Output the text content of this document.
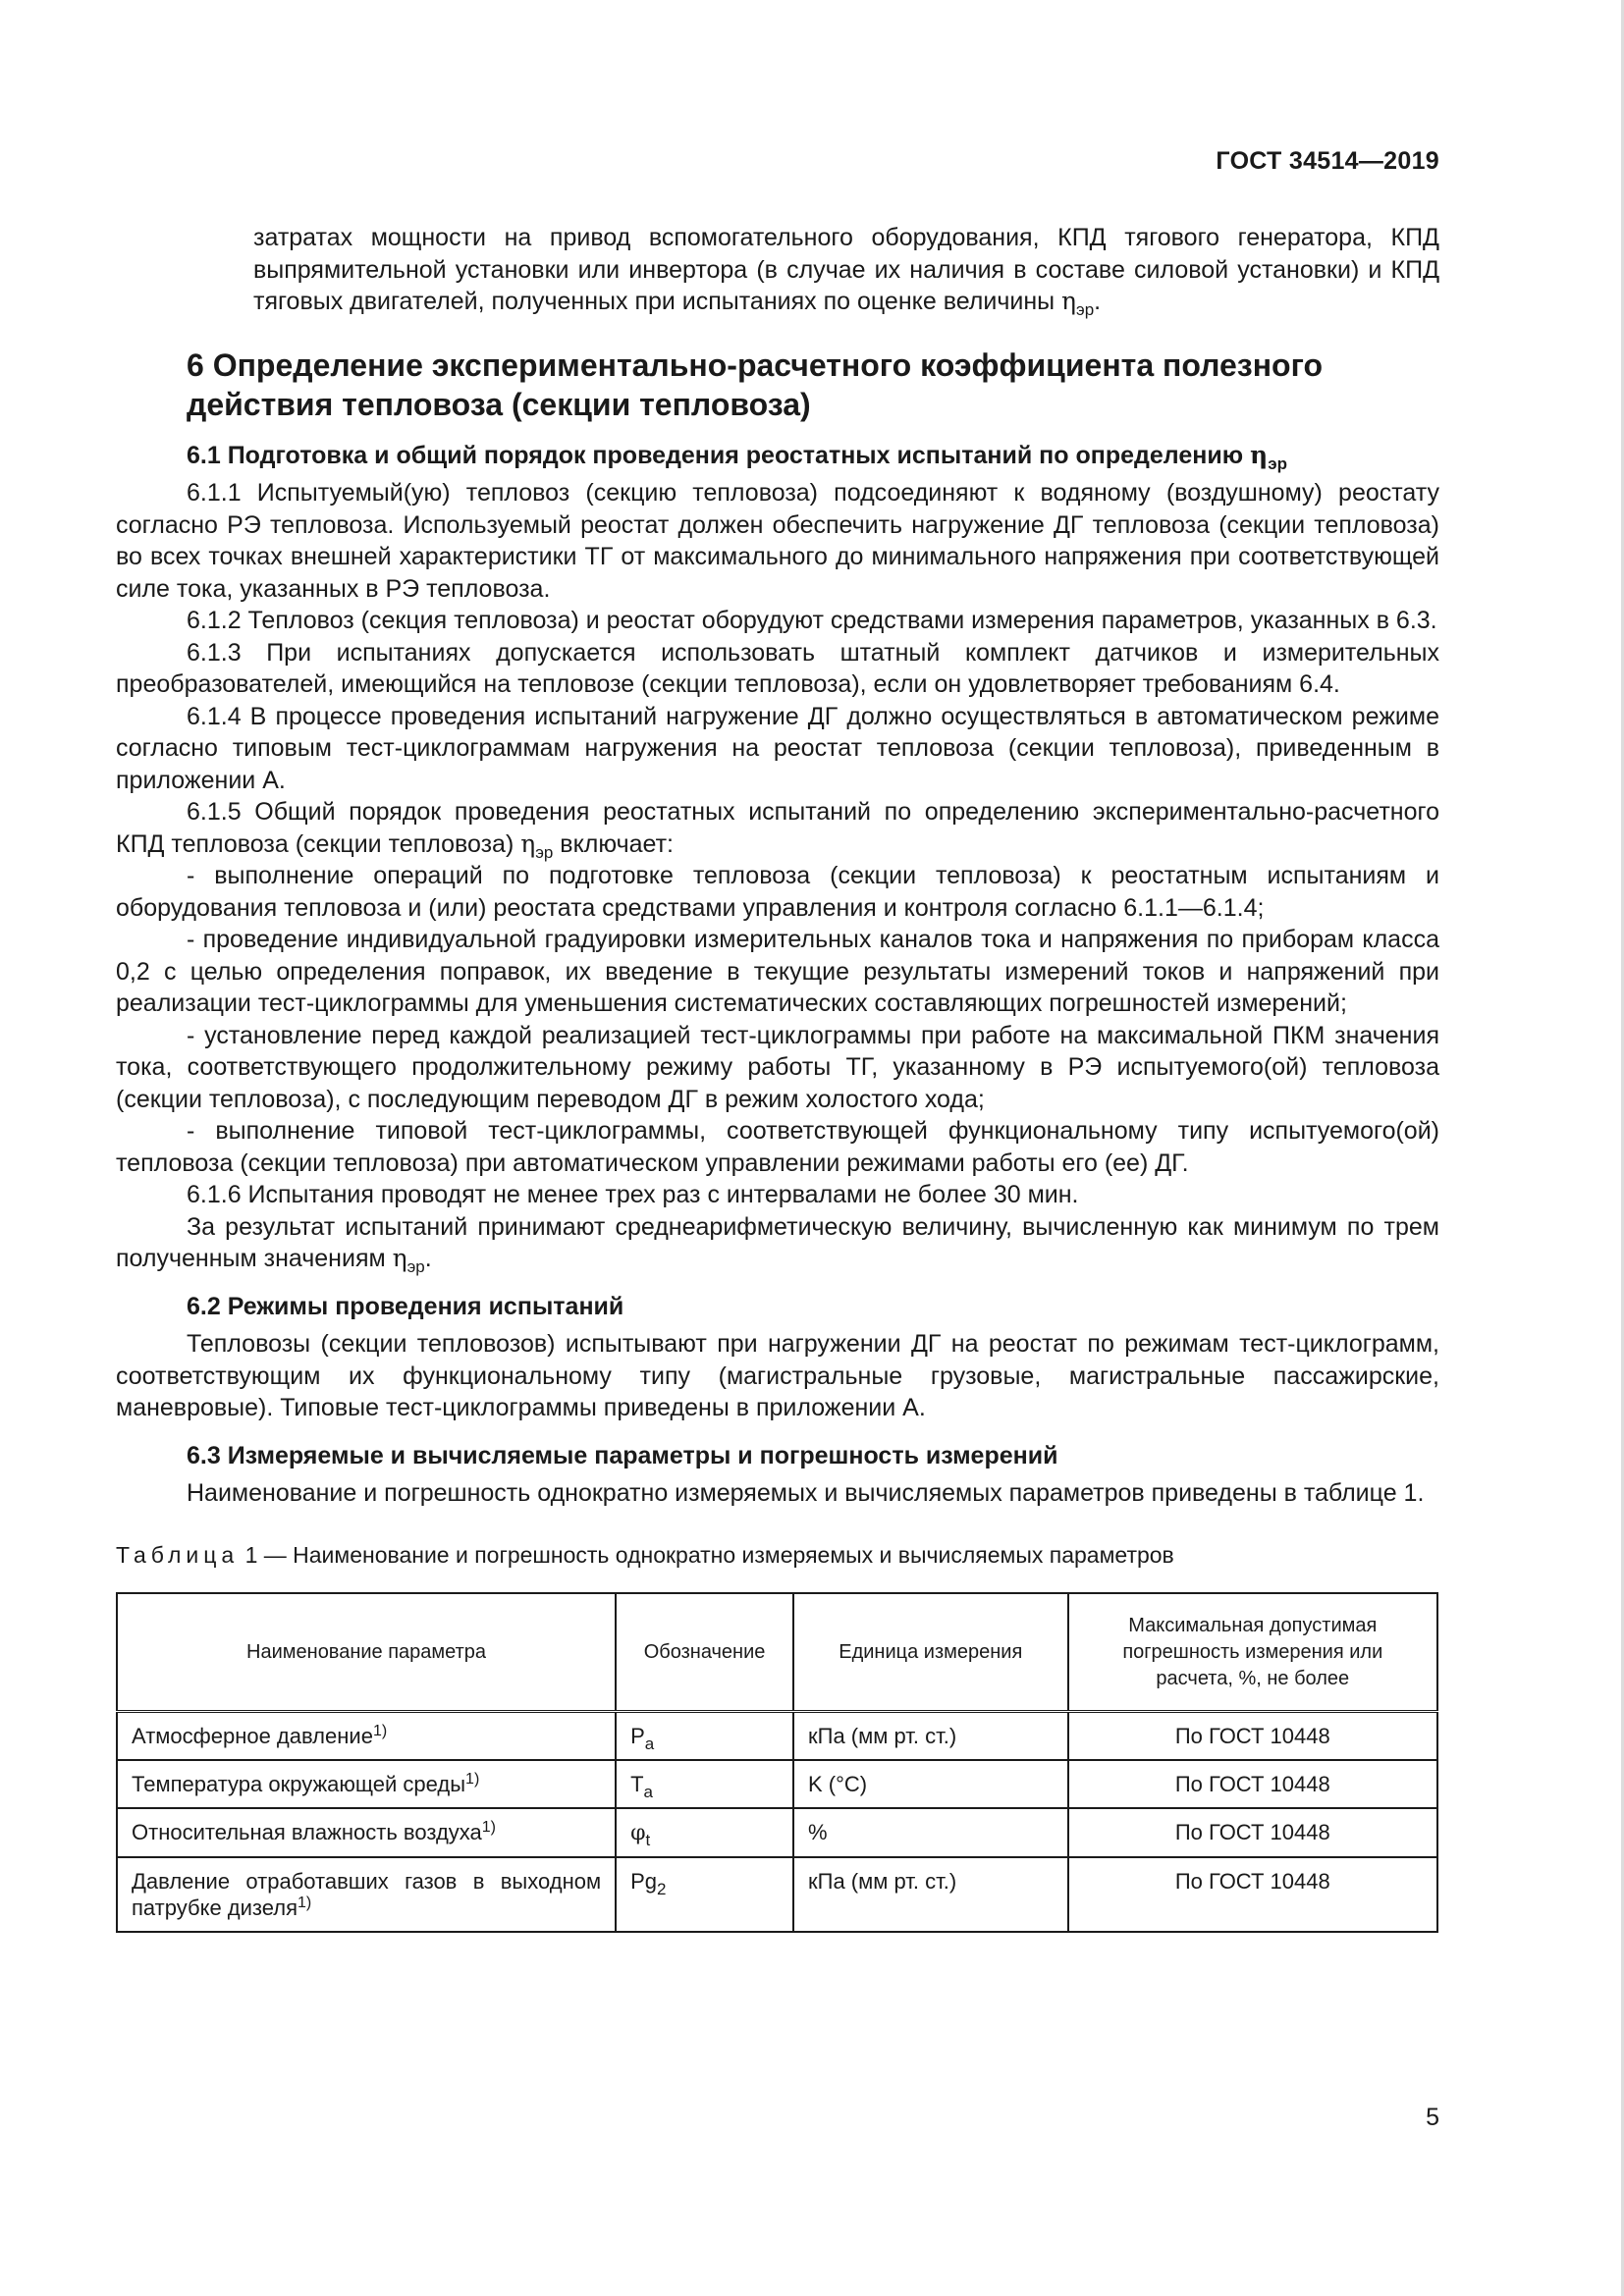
ГОСТ 34514—2019

затратах мощности на привод вспомогательного оборудования, КПД тягового генератора, КПД выпрямительной установки или инвертора (в случае их наличия в составе силовой установки) и КПД тяговых двигателей, полученных при испытаниях по оценке величины $\eta_{эр}$.

6 Определение экспериментально-расчетного коэффициента полезного действия тепловоза (секции тепловоза)
6.1 Подготовка и общий порядок проведения реостатных испытаний по определению $\eta_{эр}$

6.1.1 Испытуемый(ую) тепловоз (секцию тепловоза) подсоединяют к водяному (воздушному) реостату согласно РЭ тепловоза. Используемый реостат должен обеспечить нагружение ДГ тепловоза (секции тепловоза) во всех точках внешней характеристики ТГ от максимального до минимального напряжения при соответствующей силе тока, указанных в РЭ тепловоза.

6.1.2 Тепловоз (секция тепловоза) и реостат оборудуют средствами измерения параметров, указанных в 6.3.

6.1.3 При испытаниях допускается использовать штатный комплект датчиков и измерительных преобразователей, имеющийся на тепловозе (секции тепловоза), если он удовлетворяет требованиям 6.4.

6.1.4 В процессе проведения испытаний нагружение ДГ должно осуществляться в автоматическом режиме согласно типовым тест-циклограммам нагружения на реостат тепловоза (секции тепловоза), приведенным в приложении А.

6.1.5 Общий порядок проведения реостатных испытаний по определению экспериментально-расчетного КПД тепловоза (секции тепловоза) $\eta_{эр}$ включает:

- выполнение операций по подготовке тепловоза (секции тепловоза) к реостатным испытаниям и оборудования тепловоза и (или) реостата средствами управления и контроля согласно 6.1.1—6.1.4;

- проведение индивидуальной градуировки измерительных каналов тока и напряжения по приборам класса 0,2 с целью определения поправок, их введение в текущие результаты измерений токов и напряжений при реализации тест-циклограммы для уменьшения систематических составляющих погрешностей измерений;

- установление перед каждой реализацией тест-циклограммы при работе на максимальной ПКМ значения тока, соответствующего продолжительному режиму работы ТГ, указанному в РЭ испытуемого(ой) тепловоза (секции тепловоза), с последующим переводом ДГ в режим холостого хода;

- выполнение типовой тест-циклограммы, соответствующей функциональному типу испытуемого(ой) тепловоза (секции тепловоза) при автоматическом управлении режимами работы его (ее) ДГ.

6.1.6 Испытания проводят не менее трех раз с интервалами не более 30 мин.

За результат испытаний принимают среднеарифметическую величину, вычисленную как минимум по трем полученным значениям $\eta_{эр}$.

6.2 Режимы проведения испытаний

Тепловозы (секции тепловозов) испытывают при нагружении ДГ на реостат по режимам тест-циклограмм, соответствующим их функциональному типу (магистральные грузовые, магистральные пассажирские, маневровые). Типовые тест-циклограммы приведены в приложении А.

6.3 Измеряемые и вычисляемые параметры и погрешность измерений

Наименование и погрешность однократно измеряемых и вычисляемых параметров приведены в таблице 1.

Таблица 1 — Наименование и погрешность однократно измеряемых и вычисляемых параметров
Наименование параметра	Обозначение	Единица измерения	Максимальная допустимая погрешность измерения или расчета, %, не более
Атмосферное давление$^{1)}$	$P_a$	кПа (мм рт. ст.)	По ГОСТ 10448
Температура окружающей среды$^{1)}$	$T_a$	K (°C)	По ГОСТ 10448
Относительная влажность воздуха$^{1)}$	$\varphi_t$	%	По ГОСТ 10448
Давление отработавших газов в выходном патрубке дизеля$^{1)}$	$Pg_2$	кПа (мм рт. ст.)	По ГОСТ 10448
5
